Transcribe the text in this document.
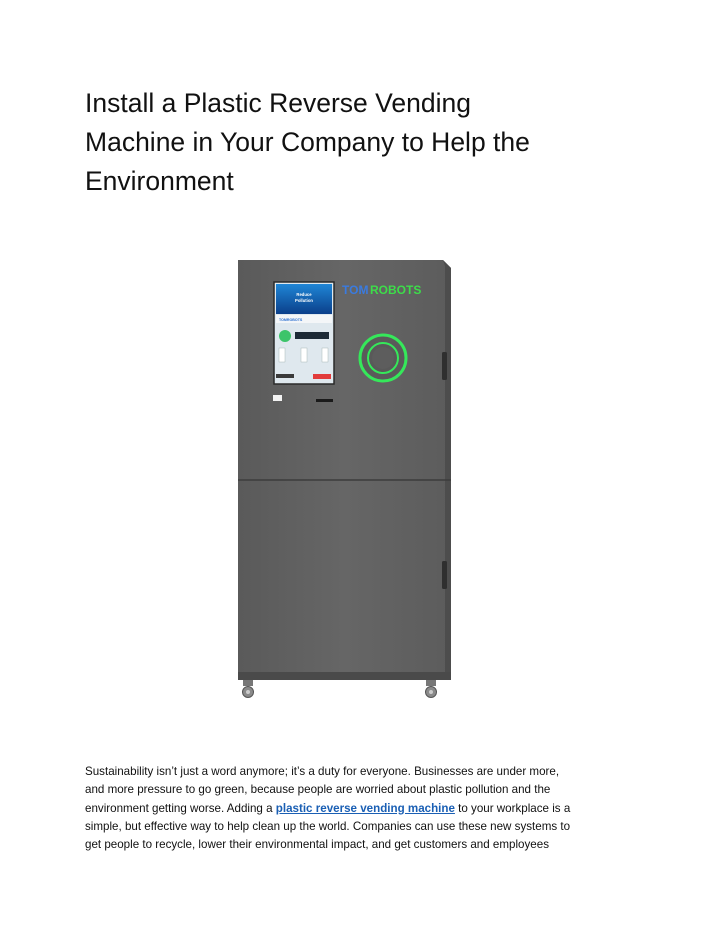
Install a Plastic Reverse Vending
Machine in Your Company to Help the
Environment
Reduce
Pollution
TOMROBOTS
TOM ROBOTS

Sustainability isn’t just a word anymore; it’s a duty for everyone. Businesses are under more,
and more pressure to go green, because people are worried about plastic pollution and the
environment getting worse. Adding a plastic reverse vending machine to your workplace is a
simple, but effective way to help clean up the world. Companies can use these new systems to
get people to recycle, lower their environmental impact, and get customers and employees
